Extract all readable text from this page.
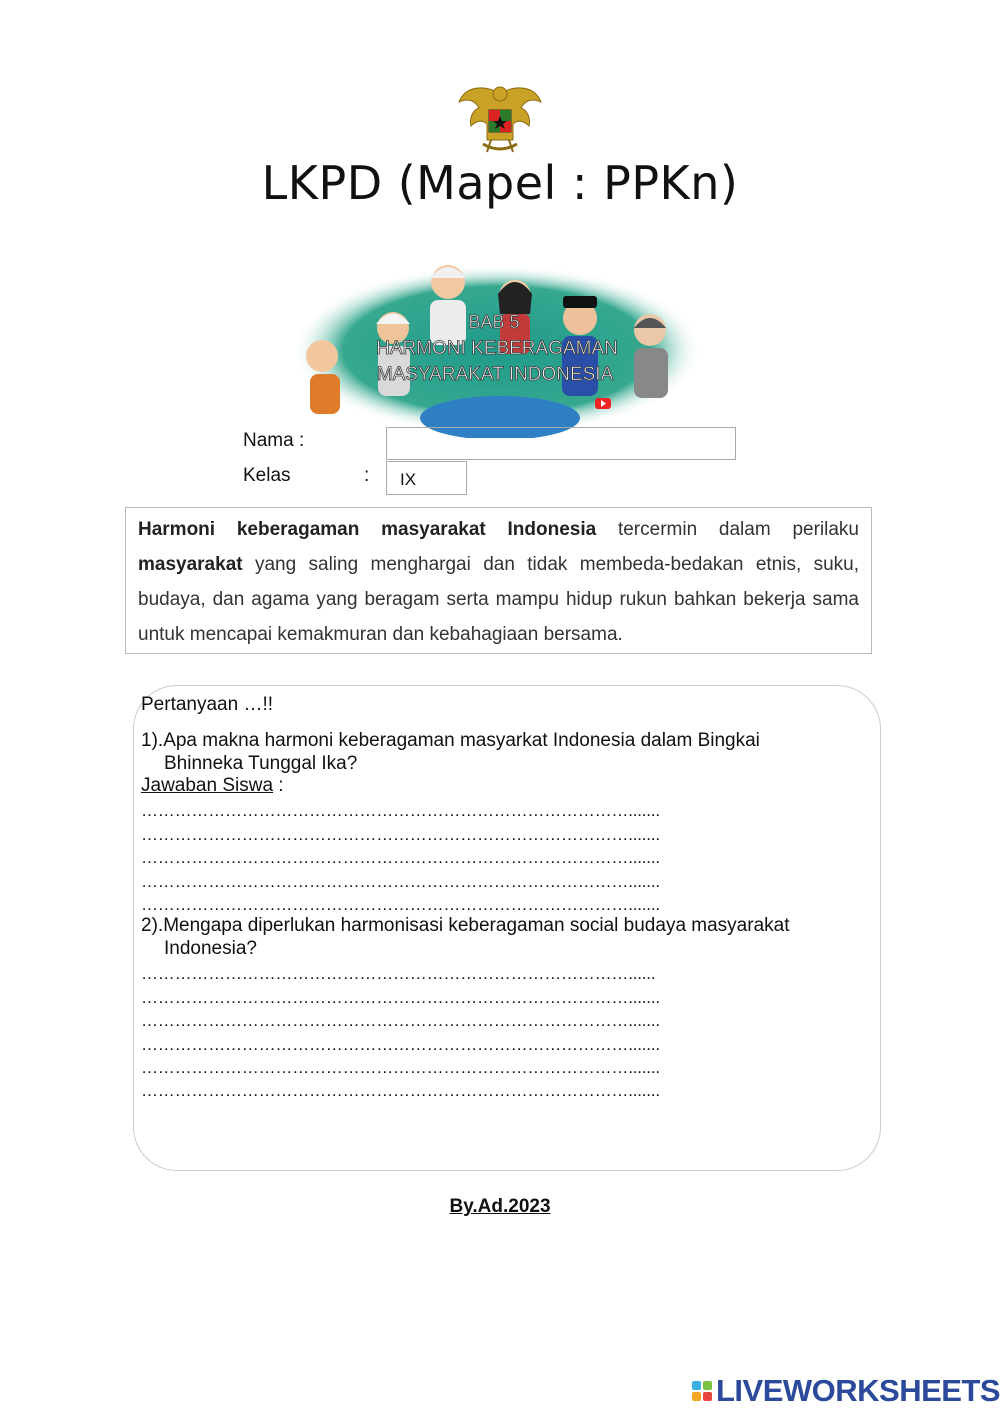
LKPD (Mapel : PPKn)
BAB 5
HARMONI KEBERAGAMAN
MASYARAKAT INDONESIA
Nama :
Kelas	:	IX

Harmoni keberagaman masyarakat Indonesia tercermin dalam perilaku masyarakat yang saling menghargai dan tidak membeda-bedakan etnis, suku, budaya, dan agama yang beragam serta mampu hidup rukun bahkan bekerja sama untuk mencapai kemakmuran dan kebahagiaan bersama.

Pertanyaan …!!
1).Apa makna harmoni keberagaman masyarkat Indonesia dalam Bingkai
Bhinneka Tunggal Ika?
Jawaban Siswa :
…………………………………………………………………………….......
…………………………………………………………………………….......
…………………………………………………………………………….......
…………………………………………………………………………….......
…………………………………………………………………………….......
2).Mengapa diperlukan harmonisasi keberagaman social budaya masyarakat
Indonesia?
……………………………………………………………………………......
…………………………………………………………………………….......
…………………………………………………………………………….......
…………………………………………………………………………….......
…………………………………………………………………………….......
…………………………………………………………………………….......
By.Ad.2023
LIVEWORKSHEETS
